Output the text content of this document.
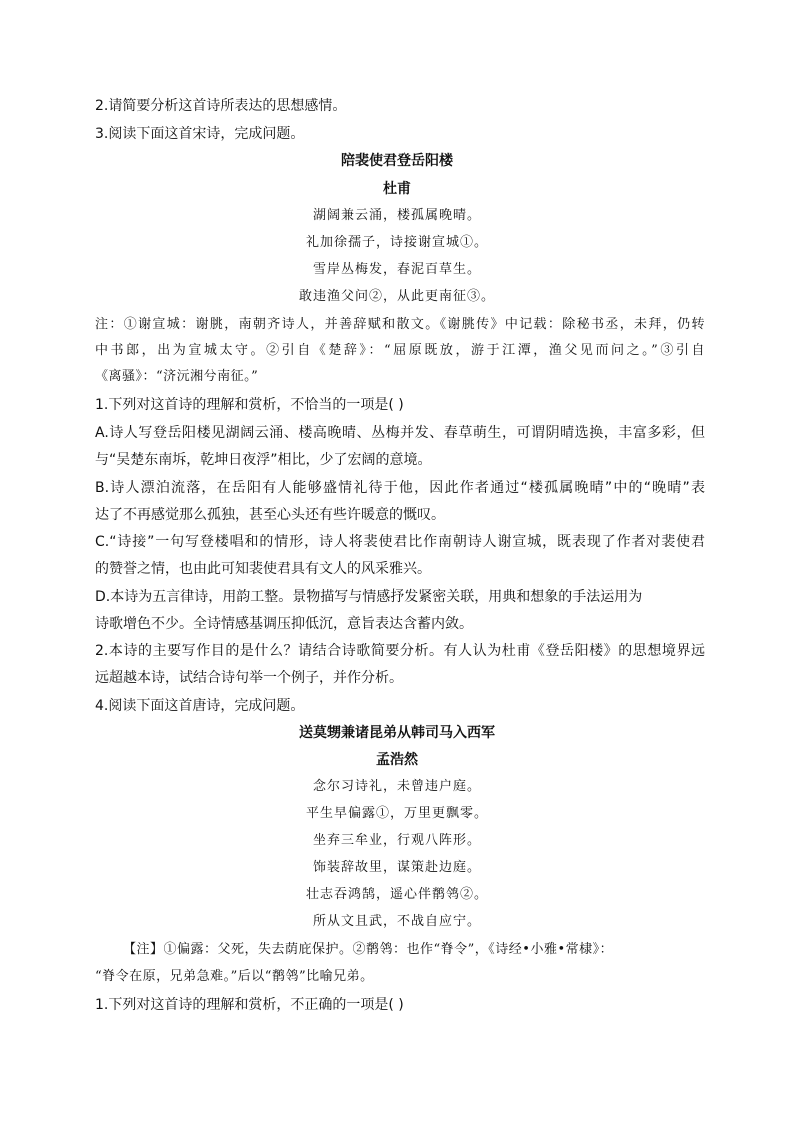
2.请简要分析这首诗所表达的思想感情。
3.阅读下面这首宋诗，完成问题。
陪裴使君登岳阳楼
杜甫
湖阔兼云涌，楼孤属晚晴。
礼加徐孺子，诗接谢宣城①。
雪岸丛梅发，春泥百草生。
敢违渔父问②，从此更南征③。
注：①谢宣城：谢朓，南朝齐诗人，并善辞赋和散文。《谢朓传》中记载：除秘书丞，未拜，仍转
中书郎，出为宣城太守。②引自《楚辞》：“屈原既放，游于江潭，渔父见而问之。”③引自
《离骚》：“济沅湘兮南征。”
1.下列对这首诗的理解和赏析，不恰当的一项是( )
A.诗人写登岳阳楼见湖阔云涌、楼高晚晴、丛梅并发、春草萌生，可谓阴晴选换，丰富多彩，但
与“吴楚东南坼，乾坤日夜浮”相比，少了宏阔的意境。
B.诗人漂泊流落，在岳阳有人能够盛情礼待于他，因此作者通过“楼孤属晚晴”中的“晚晴”表
达了不再感觉那么孤独，甚至心头还有些许暖意的慨叹。
C.“诗接”一句写登楼唱和的情形，诗人将裴使君比作南朝诗人谢宣城，既表现了作者对裴使君
的赞誉之情，也由此可知裴使君具有文人的风采雅兴。
D.本诗为五言律诗，用韵工整。景物描写与情感抒发紧密关联，用典和想象的手法运用为
诗歌增色不少。全诗情感基调压抑低沉，意旨表达含蓄内敛。
2.本诗的主要写作目的是什么？请结合诗歌简要分析。有人认为杜甫《登岳阳楼》的思想境界远
远超越本诗，试结合诗句举一个例子，并作分析。
4.阅读下面这首唐诗，完成问题。
送莫甥兼诸昆弟从韩司马入西军
孟浩然
念尔习诗礼，未曾违户庭。
平生早偏露①，万里更飘零。
坐弃三牟业，行观八阵形。
饰装辞故里，谋策赴边庭。
壮志吞鸿鹄，遥心伴鹡鸰②。
所从文且武，不战自应宁。
【注】①偏露：父死，失去荫庇保护。②鹡鸰：也作“脊令”，《诗经•小雅•常棣》：
“脊令在原，兄弟急难。”后以“鹡鸰”比喻兄弟。
1.下列对这首诗的理解和赏析，不正确的一项是( )
